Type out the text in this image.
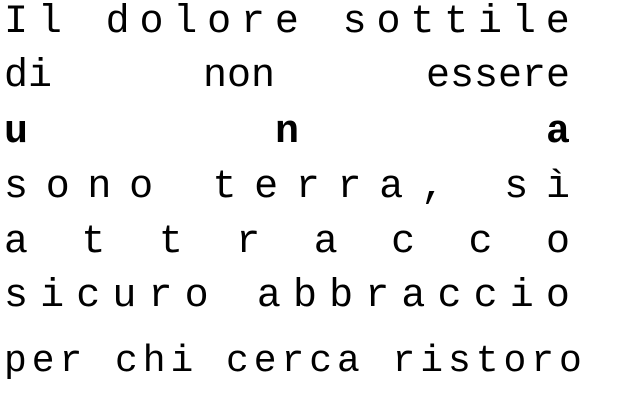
I l
d o l o r e
s o t t i l e
di	non	essere
u	n	a
s o n o
t e r r a ,
s ì
a t t r a c c o
s i c u r o
a b b r a c c i o
p e r
c h i
c e r c a
r i s t o r o
